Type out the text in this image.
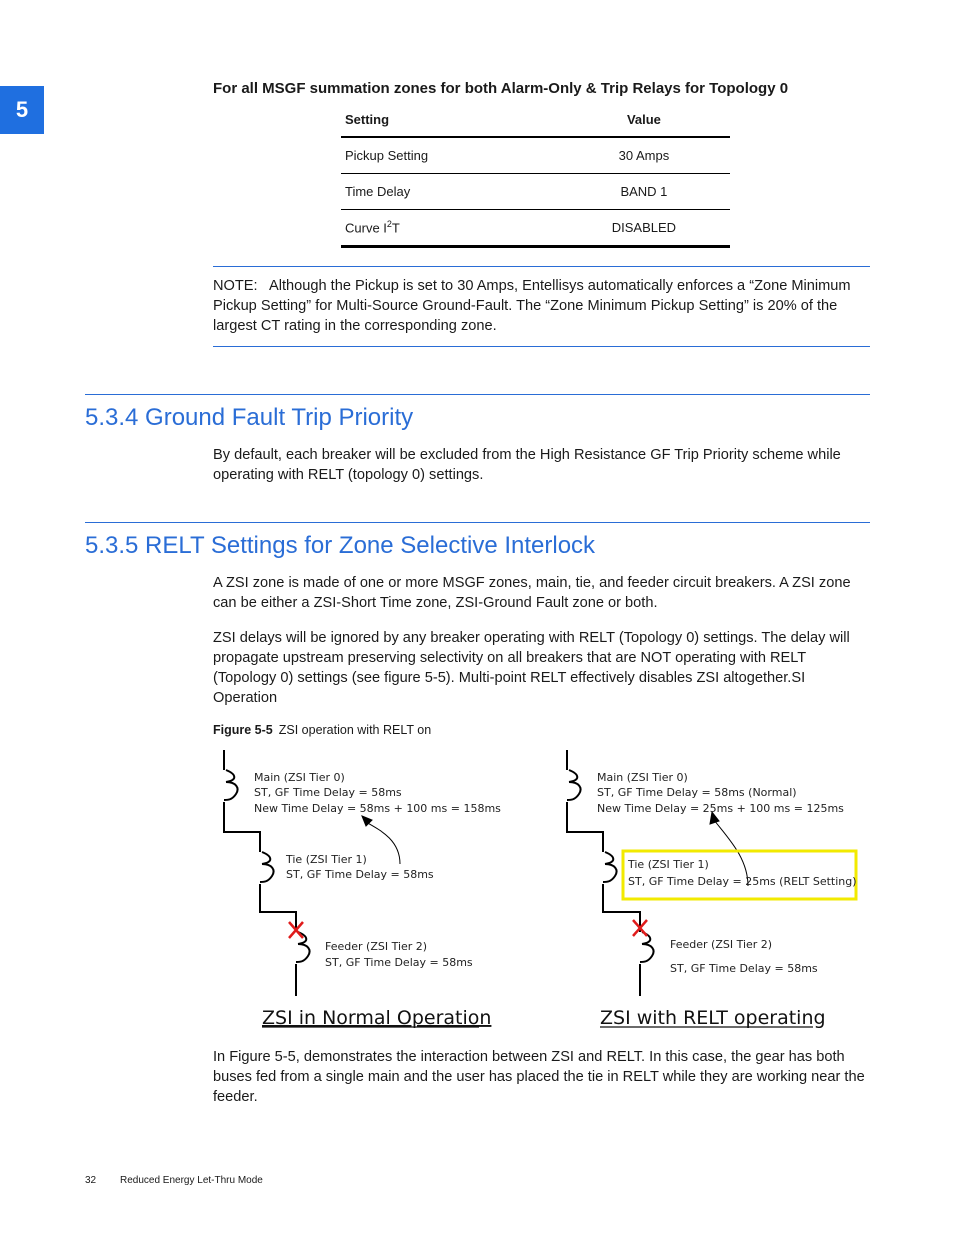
5
For all MSGF summation zones for both Alarm-Only & Trip Relays for Topology 0
Setting	Value
Pickup Setting	30 Amps
Time Delay	BAND 1
Curve $I^2T$	DISABLED
NOTE: Although the Pickup is set to 30 Amps, Entellisys automatically enforces a “Zone Minimum Pickup Setting” for Multi-Source Ground-Fault. The “Zone Minimum Pickup Setting” is 20% of the largest CT rating in the corresponding zone.
5.3.4 Ground Fault Trip Priority
By default, each breaker will be excluded from the High Resistance GF Trip Priority scheme while operating with RELT (topology 0) settings.
5.3.5 RELT Settings for Zone Selective Interlock
A ZSI zone is made of one or more MSGF zones, main, tie, and feeder circuit breakers. A ZSI zone can be either a ZSI-Short Time zone, ZSI-Ground Fault zone or both.
ZSI delays will be ignored by any breaker operating with RELT (Topology 0) settings. The delay will propagate upstream preserving selectivity on all breakers that are NOT operating with RELT (Topology 0) settings (see figure 5-5). Multi-point RELT effectively disables ZSI altogether.SI Operation
Figure 5-5 ZSI operation with RELT on
Main (ZSI Tier 0)
ST, GF Time Delay = 58ms
New Time Delay = 58ms + 100 ms = 158ms
Tie (ZSI Tier 1)
ST, GF Time Delay = 58ms
Feeder (ZSI Tier 2)
ST, GF Time Delay = 58ms
ZSI in Normal Operation
Main (ZSI Tier 0)
ST, GF Time Delay = 58ms (Normal)
New Time Delay = 25ms + 100 ms = 125ms
Tie (ZSI Tier 1)
ST, GF Time Delay = 25ms (RELT Setting)
Feeder (ZSI Tier 2)
ST, GF Time Delay = 58ms
ZSI with RELT operating
In Figure 5-5, demonstrates the interaction between ZSI and RELT. In this case, the gear has both buses fed from a single main and the user has placed the tie in RELT while they are working near the feeder.
32 Reduced Energy Let-Thru Mode
